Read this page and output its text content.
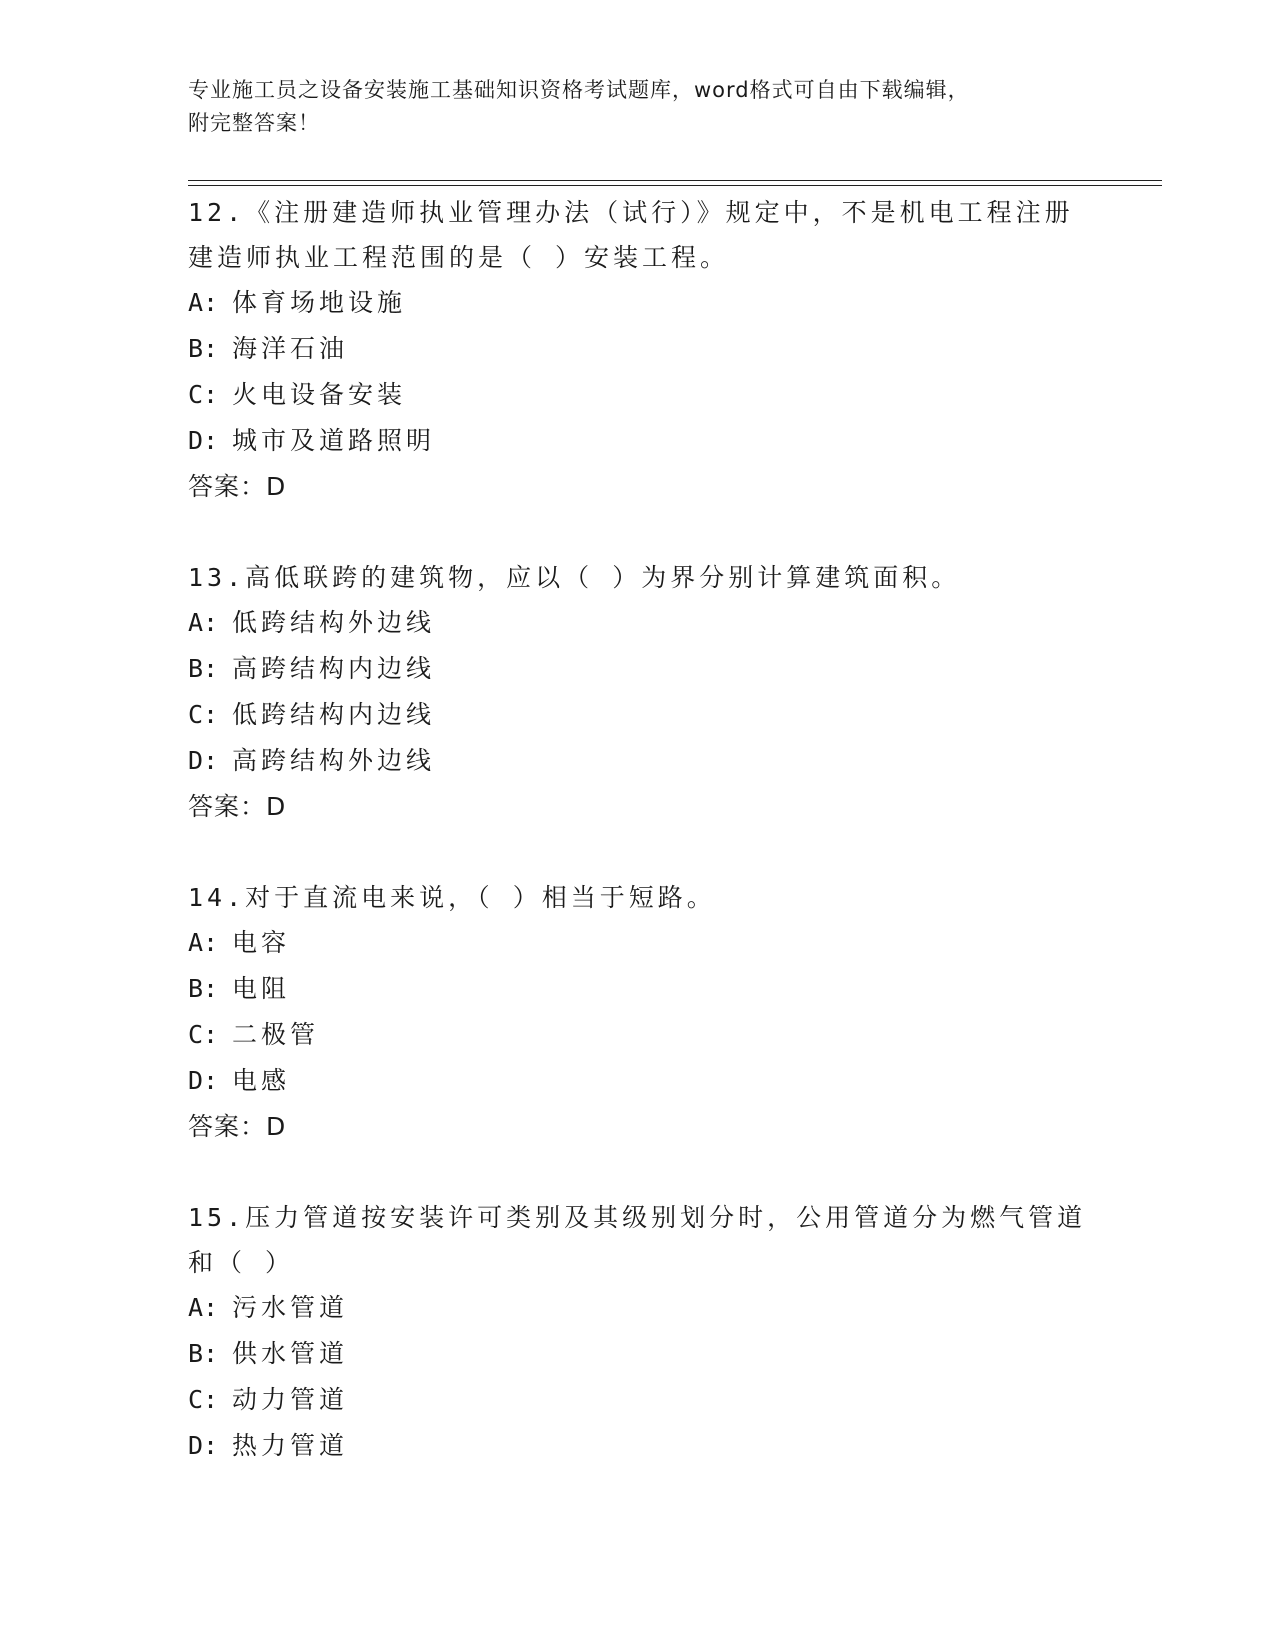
专业施工员之设备安装施工基础知识资格考试题库，word格式可自由下载编辑，
附完整答案！
12.《注册建造师执业管理办法（试行）》规定中，不是机电工程注册
建造师执业工程范围的是（ ）安装工程。
A: 体育场地设施
B: 海洋石油
C: 火电设备安装
D: 城市及道路照明
答案：D
13.高低联跨的建筑物，应以（ ）为界分别计算建筑面积。
A: 低跨结构外边线
B: 高跨结构内边线
C: 低跨结构内边线
D: 高跨结构外边线
答案：D
14.对于直流电来说，（ ）相当于短路。
A: 电容
B: 电阻
C: 二极管
D: 电感
答案：D
15.压力管道按安装许可类别及其级别划分时，公用管道分为燃气管道
和（ ）
A: 污水管道
B: 供水管道
C: 动力管道
D: 热力管道
